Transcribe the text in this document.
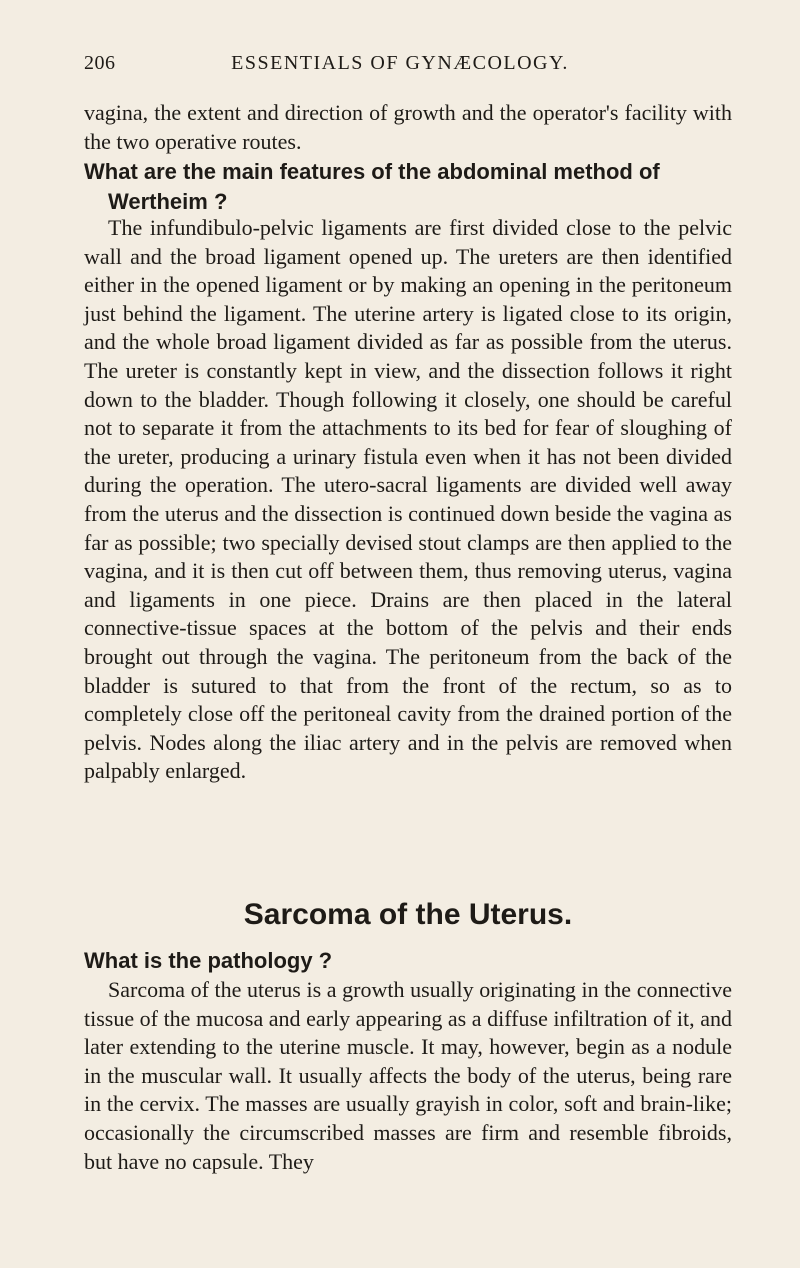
206	ESSENTIALS OF GYNÆCOLOGY.
vagina, the extent and direction of growth and the operator's facility with the two operative routes.
What are the main features of the abdominal method of
Wertheim ?
The infundibulo-pelvic ligaments are first divided close to the pelvic wall and the broad ligament opened up. The ureters are then identified either in the opened ligament or by making an opening in the peritoneum just behind the ligament. The uterine artery is ligated close to its origin, and the whole broad ligament divided as far as possible from the uterus. The ureter is constantly kept in view, and the dissection follows it right down to the bladder. Though following it closely, one should be careful not to separate it from the attachments to its bed for fear of sloughing of the ureter, producing a urinary fistula even when it has not been divided during the operation. The utero-sacral ligaments are divided well away from the uterus and the dissection is continued down beside the vagina as far as possible; two specially devised stout clamps are then applied to the vagina, and it is then cut off between them, thus removing uterus, vagina and ligaments in one piece. Drains are then placed in the lateral connective-tissue spaces at the bottom of the pelvis and their ends brought out through the vagina. The peritoneum from the back of the bladder is sutured to that from the front of the rectum, so as to completely close off the peritoneal cavity from the drained portion of the pelvis. Nodes along the iliac artery and in the pelvis are removed when palpably enlarged.
Sarcoma of the Uterus.
What is the pathology ?
Sarcoma of the uterus is a growth usually originating in the connective tissue of the mucosa and early appearing as a diffuse infiltration of it, and later extending to the uterine muscle. It may, however, begin as a nodule in the muscular wall. It usually affects the body of the uterus, being rare in the cervix. The masses are usually grayish in color, soft and brain-like; occasionally the circumscribed masses are firm and resemble fibroids, but have no capsule. They
